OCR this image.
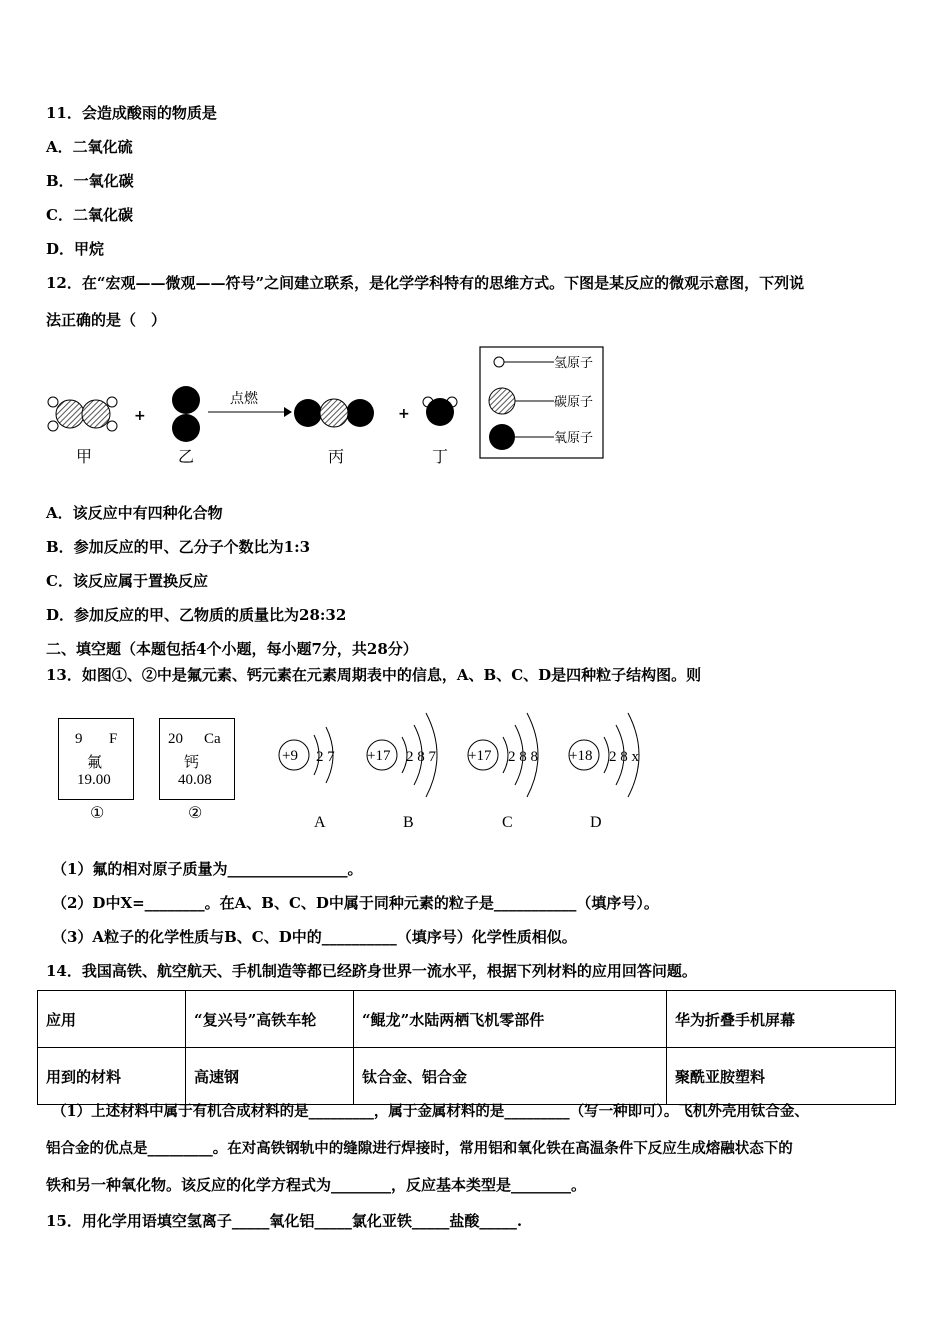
11．会造成酸雨的物质是
A．二氧化硫
B．一氧化碳
C．二氧化碳
D．甲烷
12．在“宏观——微观——符号”之间建立联系，是化学学科特有的思维方式。下图是某反应的微观示意图，下列说
法正确的是（　）
+
点燃
+
甲	乙	丙	丁
氢原子
碳原子
氧原子
A．该反应中有四种化合物
B．参加反应的甲、乙分子个数比为1:3
C．该反应属于置换反应
D．参加反应的甲、乙物质的质量比为28:32
二、填空题（本题包括4个小题，每小题7分，共28分）
13．如图①、②中是氟元素、钙元素在元素周期表中的信息，A、B、C、D是四种粒子结构图。则
9 F
氟
19.00
①
20 Ca
钙
40.08
②
+9 2 7
A
+17 2 8 7
B
+17 2 8 8
C
+18 2 8 x
D
（1）氟的相对原子质量为________________。
（2）D中X=________。在A、B、C、D中属于同种元素的粒子是___________（填序号）。
（3）A粒子的化学性质与B、C、D中的__________（填序号）化学性质相似。
14．我国高铁、航空航天、手机制造等都已经跻身世界一流水平，根据下列材料的应用回答问题。
应用	“复兴号”高铁车轮	“鲲龙”水陆两栖飞机零部件	华为折叠手机屏幕
用到的材料	高速钢	钛合金、铝合金	聚酰亚胺塑料
（1）上述材料中属于有机合成材料的是_________，属于金属材料的是_________（写一种即可）。飞机外壳用钛合金、
铝合金的优点是_________。在对高铁钢轨中的缝隙进行焊接时，常用铝和氧化铁在高温条件下反应生成熔融状态下的
铁和另一种氧化物。该反应的化学方程式为________，反应基本类型是________。
15．用化学用语填空氢离子_____氧化铝_____氯化亚铁_____盐酸_____.
